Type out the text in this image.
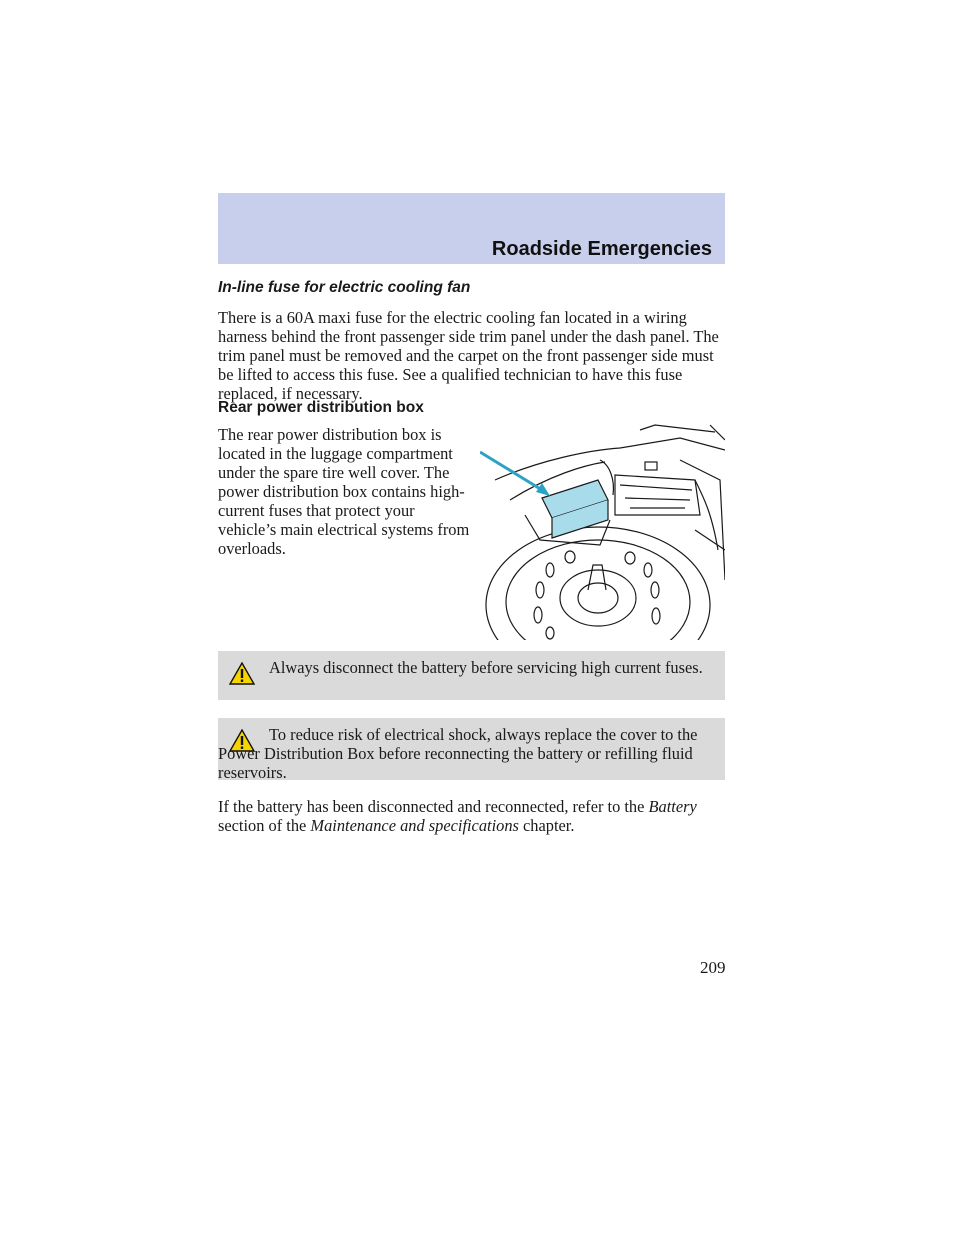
Roadside Emergencies
In-line fuse for electric cooling fan
There is a 60A maxi fuse for the electric cooling fan located in a wiring harness behind the front passenger side trim panel under the dash panel. The trim panel must be removed and the carpet on the front passenger side must be lifted to access this fuse. See a qualified technician to have this fuse replaced, if necessary.
Rear power distribution box
The rear power distribution box is located in the luggage compartment under the spare tire well cover. The power distribution box contains high-current fuses that protect your vehicle’s main electrical systems from overloads.
Always disconnect the battery before servicing high current fuses.
To reduce risk of electrical shock, always replace the cover to the Power Distribution Box before reconnecting the battery or refilling fluid reservoirs.
If the battery has been disconnected and reconnected, refer to the Battery section of the Maintenance and specifications chapter.
209
